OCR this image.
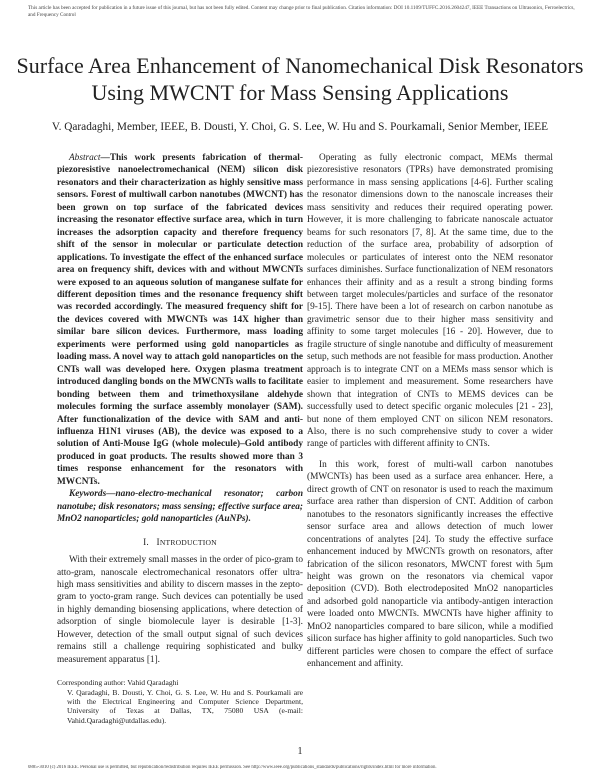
This article has been accepted for publication in a future issue of this journal, but has not been fully edited. Content may change prior to final publication. Citation information: DOI 10.1109/TUFFC.2016.2604247, IEEE Transactions on Ultrasonics, Ferroelectrics, and Frequency Control
Surface Area Enhancement of Nanomechanical Disk Resonators
Using MWCNT for Mass Sensing Applications
V. Qaradaghi, Member, IEEE, B. Dousti, Y. Choi, G. S. Lee, W. Hu and S. Pourkamali, Senior Member, IEEE

Abstract—This work presents fabrication of thermal-piezoresistive nanoelectromechanical (NEM) silicon disk resonators and their characterization as highly sensitive mass sensors. Forest of multiwall carbon nanotubes (MWCNT) has been grown on top surface of the fabricated devices increasing the resonator effective surface area, which in turn increases the adsorption capacity and therefore frequency shift of the sensor in molecular or particulate detection applications. To investigate the effect of the enhanced surface area on frequency shift, devices with and without MWCNTs were exposed to an aqueous solution of manganese sulfate for different deposition times and the resonance frequency shift was recorded accordingly. The measured frequency shift for the devices covered with MWCNTs was 14X higher than similar bare silicon devices. Furthermore, mass loading experiments were performed using gold nanoparticles as loading mass. A novel way to attach gold nanoparticles on the CNTs wall was developed here. Oxygen plasma treatment introduced dangling bonds on the MWCNTs walls to facilitate bonding between them and trimethoxysilane aldehyde molecules forming the surface assembly monolayer (SAM). After functionalization of the device with SAM and anti-influenza H1N1 viruses (AB), the device was exposed to a solution of Anti-Mouse IgG (whole molecule)–Gold antibody produced in goat products. The results showed more than 3 times response enhancement for the resonators with MWCNTs.

Keywords—nano-electro-mechanical resonator; carbon nanotube; disk resonators; mass sensing; effective surface area; MnO2 nanoparticles; gold nanoparticles (AuNPs).

I. INTRODUCTION

With their extremely small masses in the order of pico-gram to atto-gram, nanoscale electromechanical resonators offer ultra-high mass sensitivities and ability to discern masses in the zepto-gram to yocto-gram range. Such devices can potentially be used in highly demanding biosensing applications, where detection of adsorption of single biomolecule layer is desirable [1-3]. However, detection of the small output signal of such devices remains still a challenge requiring sophisticated and bulky measurement apparatus [1].

Corresponding author: Vahid Qaradaghi

V. Qaradaghi, B. Dousti, Y. Choi, G. S. Lee, W. Hu and S. Pourkamali are with the Electrical Engineering and Computer Science Department, University of Texas at Dallas, TX, 75080 USA (e-mail: Vahid.Qaradaghi@utdallas.edu).

Operating as fully electronic compact, MEMs thermal piezoresistive resonators (TPRs) have demonstrated promising performance in mass sensing applications [4-6]. Further scaling the resonator dimensions down to the nanoscale increases their mass sensitivity and reduces their required operating power. However, it is more challenging to fabricate nanoscale actuator beams for such resonators [7, 8]. At the same time, due to the reduction of the surface area, probability of adsorption of molecules or particulates of interest onto the NEM resonator surfaces diminishes. Surface functionalization of NEM resonators enhances their affinity and as a result a strong binding forms between target molecules/particles and surface of the resonator [9-15]. There have been a lot of research on carbon nanotube as gravimetric sensor due to their higher mass sensitivity and affinity to some target molecules [16 - 20]. However, due to fragile structure of single nanotube and difficulty of measurement setup, such methods are not feasible for mass production. Another approach is to integrate CNT on a MEMs mass sensor which is easier to implement and measurement. Some researchers have shown that integration of CNTs to MEMS devices can be successfully used to detect specific organic molecules [21 - 23], but none of them employed CNT on silicon NEM resonators. Also, there is no such comprehensive study to cover a wider range of particles with different affinity to CNTs.

In this work, forest of multi-wall carbon nanotubes (MWCNTs) has been used as a surface area enhancer. Here, a direct growth of CNT on resonator is used to reach the maximum surface area rather than dispersion of CNT. Addition of carbon nanotubes to the resonators significantly increases the effective sensor surface area and allows detection of much lower concentrations of analytes [24]. To study the effective surface enhancement induced by MWCNTs growth on resonators, after fabrication of the silicon resonators, MWCNT forest with 5μm height was grown on the resonators via chemical vapor deposition (CVD). Both electrodeposited MnO2 nanoparticles and adsorbed gold nanoparticle via antibody-antigen interaction were loaded onto MWCNTs. MWCNTs have higher affinity to MnO2 nanoparticles compared to bare silicon, while a modified silicon surface has higher affinity to gold nanoparticles. Such two different particles were chosen to compare the effect of surface enhancement and affinity.

1
0885-3010 (c) 2016 IEEE. Personal use is permitted, but republication/redistribution requires IEEE permission. See http://www.ieee.org/publications_standards/publications/rights/index.html for more information.
